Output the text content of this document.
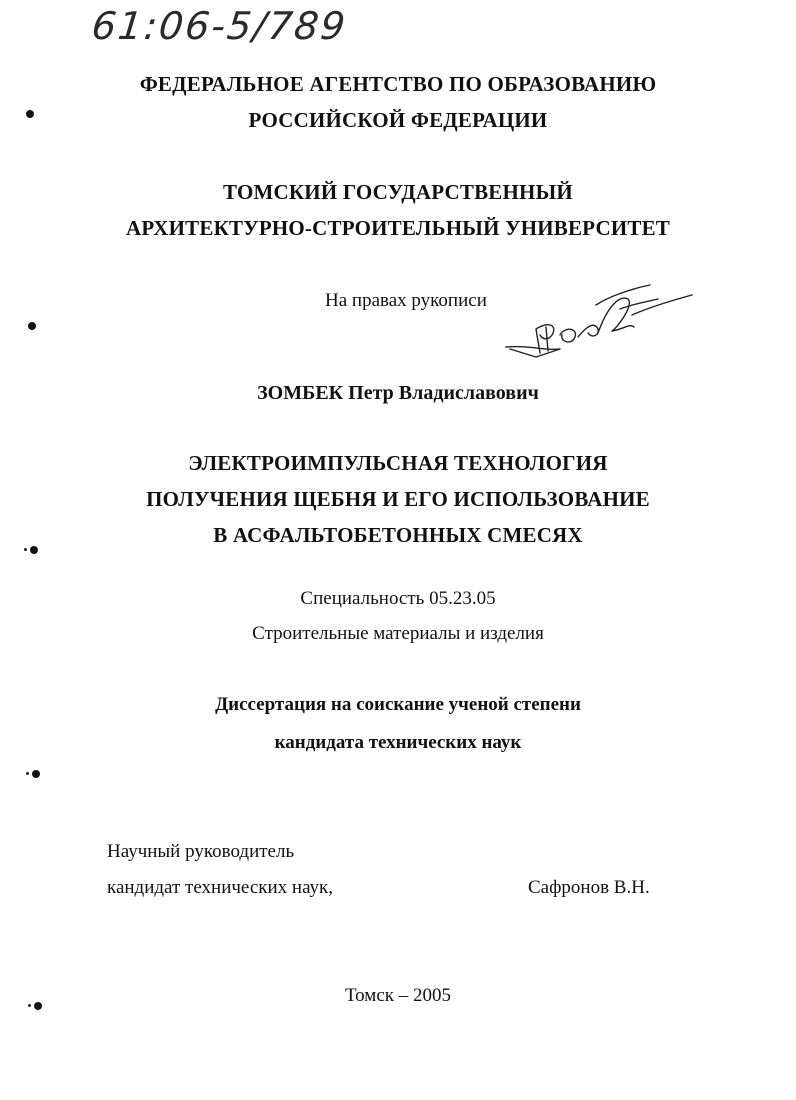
61:06-5/789
ФЕДЕРАЛЬНОЕ АГЕНТСТВО ПО ОБРАЗОВАНИЮ
РОССИЙСКОЙ ФЕДЕРАЦИИ
ТОМСКИЙ ГОСУДАРСТВЕННЫЙ
АРХИТЕКТУРНО-СТРОИТЕЛЬНЫЙ УНИВЕРСИТЕТ
На правах рукописи
ЗОМБЕК Петр Владиславович
ЭЛЕКТРОИМПУЛЬСНАЯ ТЕХНОЛОГИЯ
ПОЛУЧЕНИЯ ЩЕБНЯ И ЕГО ИСПОЛЬЗОВАНИЕ
В АСФАЛЬТОБЕТОННЫХ СМЕСЯХ
Специальность 05.23.05
Строительные материалы и изделия
Диссертация на соискание ученой степени
кандидата технических наук
Научный руководитель
кандидат технических наук,	Сафронов В.Н.
Томск – 2005
